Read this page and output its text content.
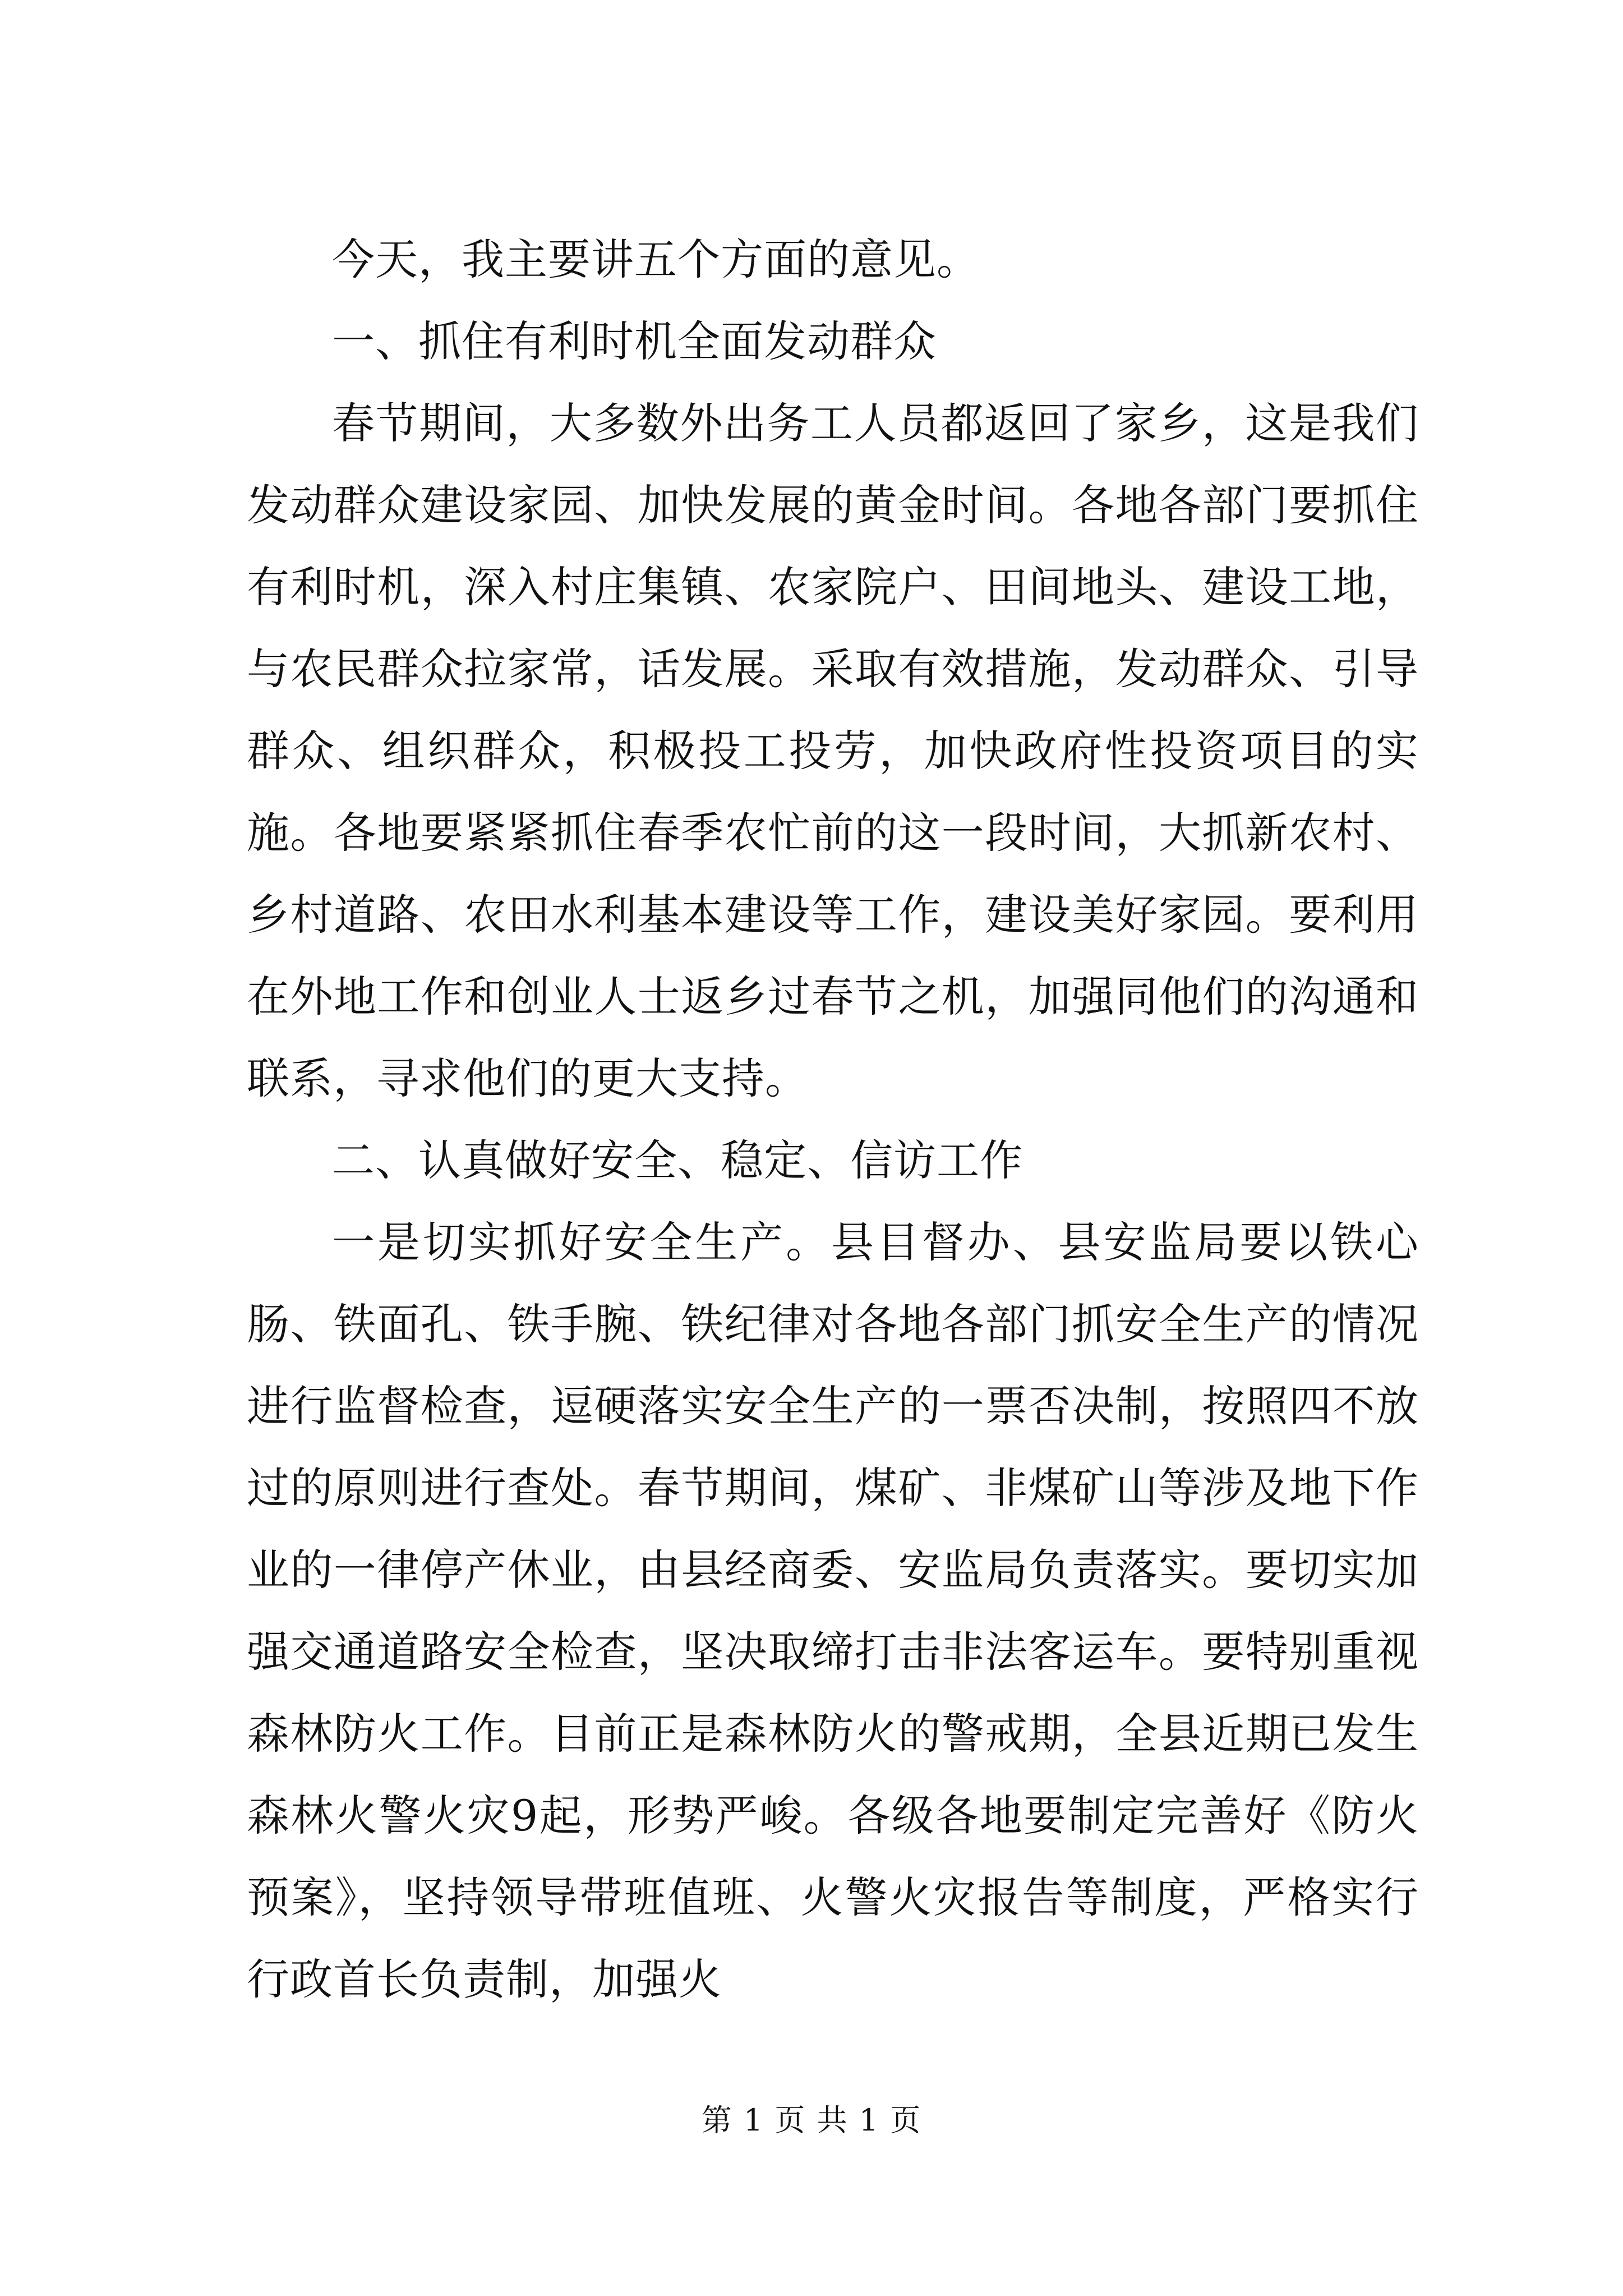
今天，我主要讲五个方面的意见。

一、抓住有利时机全面发动群众

春节期间，大多数外出务工人员都返回了家乡，这是我们发动群众建设家园、加快发展的黄金时间。各地各部门要抓住有利时机，深入村庄集镇、农家院户、田间地头、建设工地，与农民群众拉家常，话发展。采取有效措施，发动群众、引导群众、组织群众，积极投工投劳，加快政府性投资项目的实施。各地要紧紧抓住春季农忙前的这一段时间，大抓新农村、乡村道路、农田水利基本建设等工作，建设美好家园。要利用在外地工作和创业人士返乡过春节之机，加强同他们的沟通和联系，寻求他们的更大支持。

二、认真做好安全、稳定、信访工作

一是切实抓好安全生产。县目督办、县安监局要以铁心肠、铁面孔、铁手腕、铁纪律对各地各部门抓安全生产的情况进行监督检查，逗硬落实安全生产的一票否决制，按照四不放过的原则进行查处。春节期间，煤矿、非煤矿山等涉及地下作业的一律停产休业，由县经商委、安监局负责落实。要切实加强交通道路安全检查，坚决取缔打击非法客运车。要特别重视森林防火工作。目前正是森林防火的警戒期，全县近期已发生森林火警火灾9起，形势严峻。各级各地要制定完善好《防火预案》，坚持领导带班值班、火警火灾报告等制度，严格实行行政首长负责制，加强火

第 1 页 共 1 页
